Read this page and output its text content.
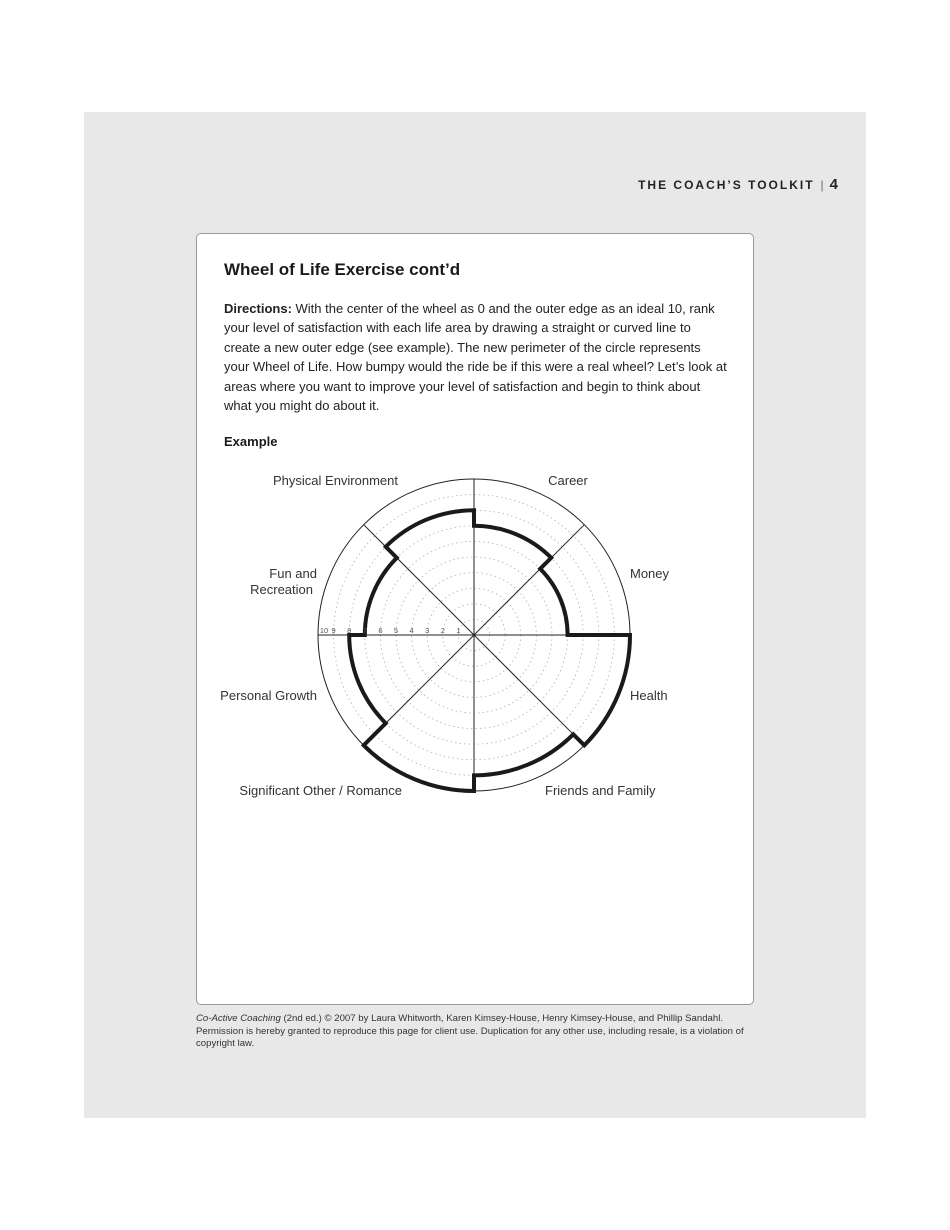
THE COACH’S TOOLKIT | 4
Wheel of Life Exercise cont’d

Directions: With the center of the wheel as 0 and the outer edge as an ideal 10, rank your level of satisfaction with each life area by drawing a straight or curved line to create a new outer edge (see example). The new perimeter of the circle represents your Wheel of Life. How bumpy would the ride be if this were a real wheel? Let’s look at areas where you want to improve your level of satisfaction and begin to think about what you might do about it.

Example
10 9 8 7 6 5 4 3 2 1
Career
Money
Health
Friends and Family
Significant Other / Romance
Personal Growth
Fun and
Recreation
Physical Environment

Co-Active Coaching (2nd ed.) © 2007 by Laura Whitworth, Karen Kimsey-House, Henry Kimsey-House, and Phillip Sandahl. Permission is hereby granted to reproduce this page for client use. Duplication for any other use, including resale, is a violation of copyright law.
